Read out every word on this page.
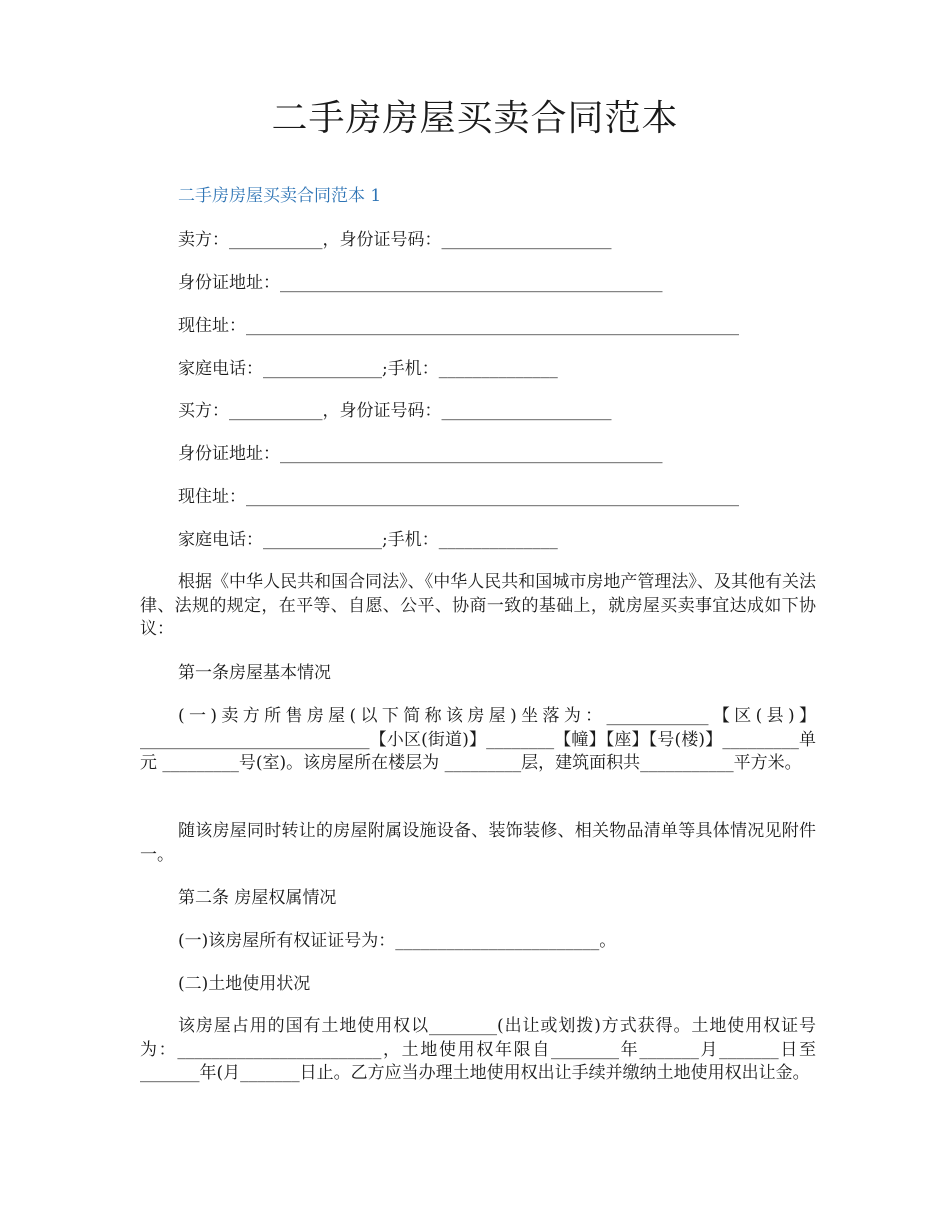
二手房房屋买卖合同范本
二手房房屋买卖合同范本 1
卖方：___________，身份证号码：____________________
身份证地址：_____________________________________________
现住址：__________________________________________________________
家庭电话：______________;手机：______________
买方：___________，身份证号码：____________________
身份证地址：_____________________________________________
现住址：__________________________________________________________
家庭电话：______________;手机：______________
根据《中华人民共和国合同法》、《中华人民共和国城市房地产管理法》、及其他有关法律、法规的规定，在平等、自愿、公平、协商一致的基础上，就房屋买卖事宜达成如下协议：
第一条房屋基本情况
(一)卖方所售房屋(以下简称该房屋)坐落为：____________【区(县)】___________________________【小区(街道)】________【幢】【座】【号(楼)】_________单元 _________号(室)。该房屋所在楼层为 _________层，建筑面积共___________平方米。
随该房屋同时转让的房屋附属设施设备、装饰装修、相关物品清单等具体情况见附件一。
第二条 房屋权属情况
(一)该房屋所有权证证号为：________________________。
(二)土地使用状况
该房屋占用的国有土地使用权以________(出让或划拨)方式获得。土地使用权证号为：________________________，土地使用权年限自________年_______月_______日至_______年(月_______日止。乙方应当办理土地使用权出让手续并缴纳土地使用权出让金。
